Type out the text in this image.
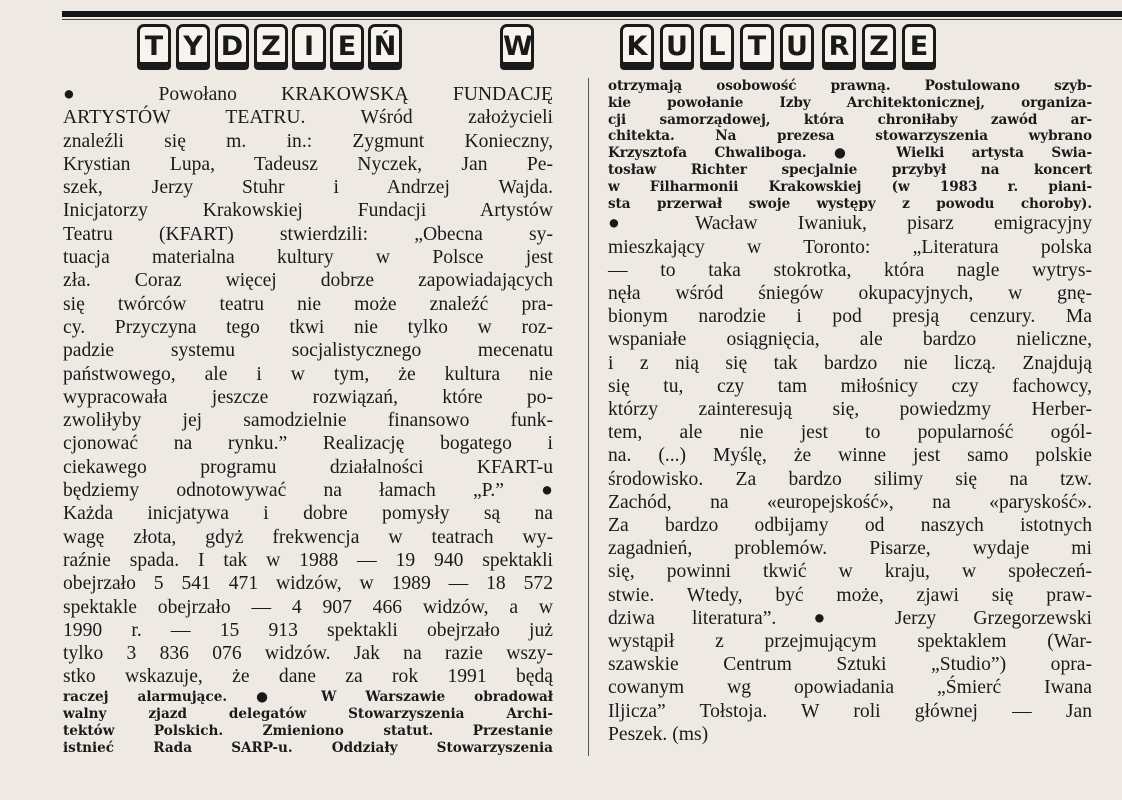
T Y D Z I E Ń	W	K U L T U R Z E
● Powołano KRAKOWSKĄ FUNDACJĘ
ARTYSTÓW TEATRU. Wśród założycieli
znaleźli się m. in.: Zygmunt Konieczny,
Krystian Lupa, Tadeusz Nyczek, Jan Pe-
szek, Jerzy Stuhr i Andrzej Wajda.
Inicjatorzy Krakowskiej Fundacji Artystów
Teatru (KFART) stwierdzili: „Obecna sy-
tuacja materialna kultury w Polsce jest
zła. Coraz więcej dobrze zapowiadających
się twórców teatru nie może znaleźć pra-
cy. Przyczyna tego tkwi nie tylko w roz-
padzie systemu socjalistycznego mecenatu
państwowego, ale i w tym, że kultura nie
wypracowała jeszcze rozwiązań, które po-
zwoliłyby jej samodzielnie finansowo funk-
cjonować na rynku.” Realizację bogatego i
ciekawego programu działalności KFART-u
będziemy odnotowywać na łamach „P.” ●
Każda inicjatywa i dobre pomysły są na
wagę złota, gdyż frekwencja w teatrach wy-
raźnie spada. I tak w 1988 — 19 940 spektakli
obejrzało 5 541 471 widzów, w 1989 — 18 572
spektakle obejrzało — 4 907 466 widzów, a w
1990 r. — 15 913 spektakli obejrzało już
tylko 3 836 076 widzów. Jak na razie wszy-
stko wskazuje, że dane za rok 1991 będą
raczej alarmujące. ● W Warszawie obradował
walny zjazd delegatów Stowarzyszenia Archi-
tektów Polskich. Zmieniono statut. Przestanie
istnieć Rada SARP-u. Oddziały Stowarzyszenia
otrzymają osobowość prawną. Postulowano szyb-
kie powołanie Izby Architektonicznej, organiza-
cji samorządowej, która chroniłaby zawód ar-
chitekta. Na prezesa stowarzyszenia wybrano
Krzysztofa Chwaliboga. ● Wielki artysta Swia-
tosław Richter specjalnie przybył na koncert
w Filharmonii Krakowskiej (w 1983 r. piani-
sta przerwał swoje występy z powodu choroby).
● Wacław Iwaniuk, pisarz emigracyjny
mieszkający w Toronto: „Literatura polska
— to taka stokrotka, która nagle wytrys-
nęła wśród śniegów okupacyjnych, w gnę-
bionym narodzie i pod presją cenzury. Ma
wspaniałe osiągnięcia, ale bardzo nieliczne,
i z nią się tak bardzo nie liczą. Znajdują
się tu, czy tam miłośnicy czy fachowcy,
którzy zainteresują się, powiedzmy Herber-
tem, ale nie jest to popularność ogól-
na. (...) Myślę, że winne jest samo polskie
środowisko. Za bardzo silimy się na tzw.
Zachód, na «europejskość», na «paryskość».
Za bardzo odbijamy od naszych istotnych
zagadnień, problemów. Pisarze, wydaje mi
się, powinni tkwić w kraju, w społeczeń-
stwie. Wtedy, być może, zjawi się praw-
dziwa literatura”. ● Jerzy Grzegorzewski
wystąpił z przejmującym spektaklem (War-
szawskie Centrum Sztuki „Studio”) opra-
cowanym wg opowiadania „Śmierć Iwana
Iljicza” Tołstoja. W roli głównej — Jan
Peszek. (ms)
